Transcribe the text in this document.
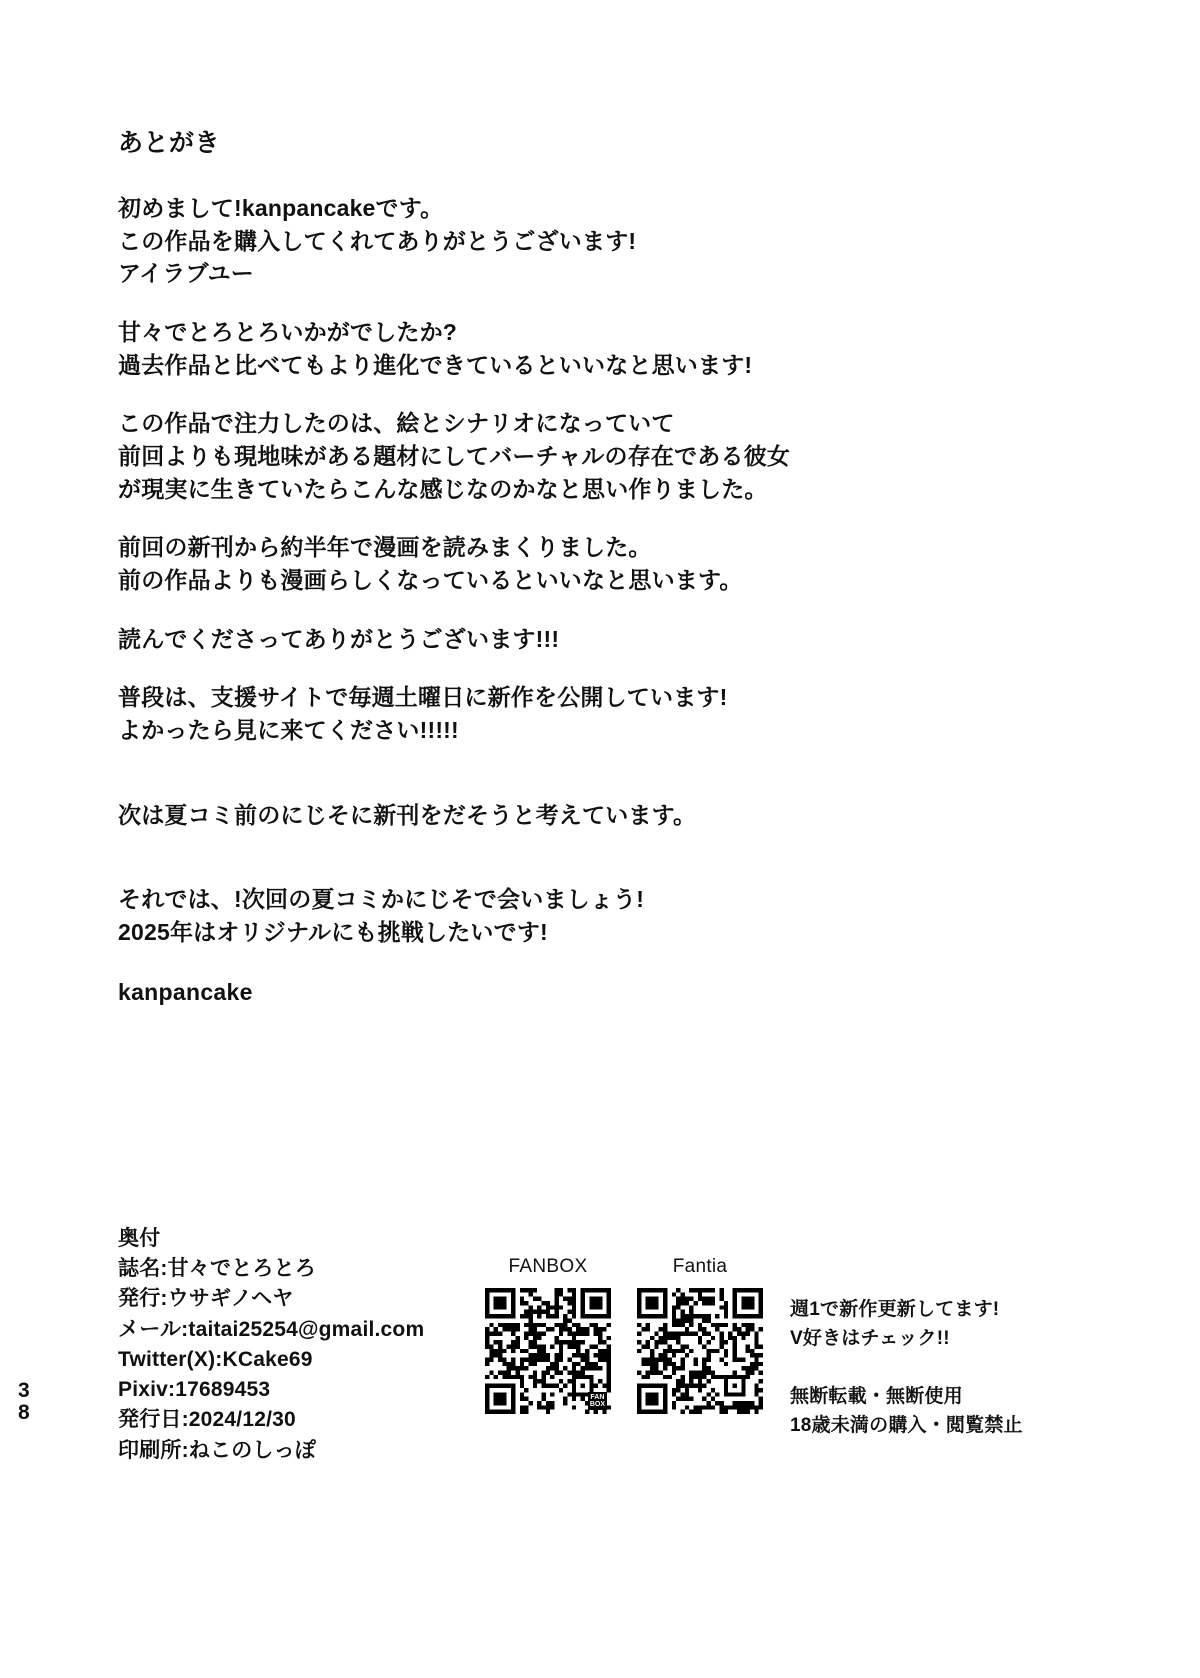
あとがき
初めまして!kanpancakeです。
この作品を購入してくれてありがとうございます!
アイラブユー
甘々でとろとろいかがでしたか?
過去作品と比べてもより進化できているといいなと思います!
この作品で注力したのは、絵とシナリオになっていて
前回よりも現地味がある題材にしてバーチャルの存在である彼女
が現実に生きていたらこんな感じなのかなと思い作りました。
前回の新刊から約半年で漫画を読みまくりました。
前の作品よりも漫画らしくなっているといいなと思います。
読んでくださってありがとうございます!!!
普段は、支援サイトで毎週土曜日に新作を公開しています!
よかったら見に来てください!!!!!
次は夏コミ前のにじそに新刊をだそうと考えています。
それでは、!次回の夏コミかにじそで会いましょう!
2025年はオリジナルにも挑戦したいです!
kanpancake
奥付
誌名:甘々でとろとろ
発行:ウサギノヘヤ
メール:taitai25254@gmail.com
Twitter(X):KCake69
Pixiv:17689453
発行日:2024/12/30
印刷所:ねこのしっぽ
FANBOX
FAN
BOX
Fantia
週1で新作更新してます!
V好きはチェック!!
無断転載・無断使用
18歳未満の購入・閲覧禁止
3
8
